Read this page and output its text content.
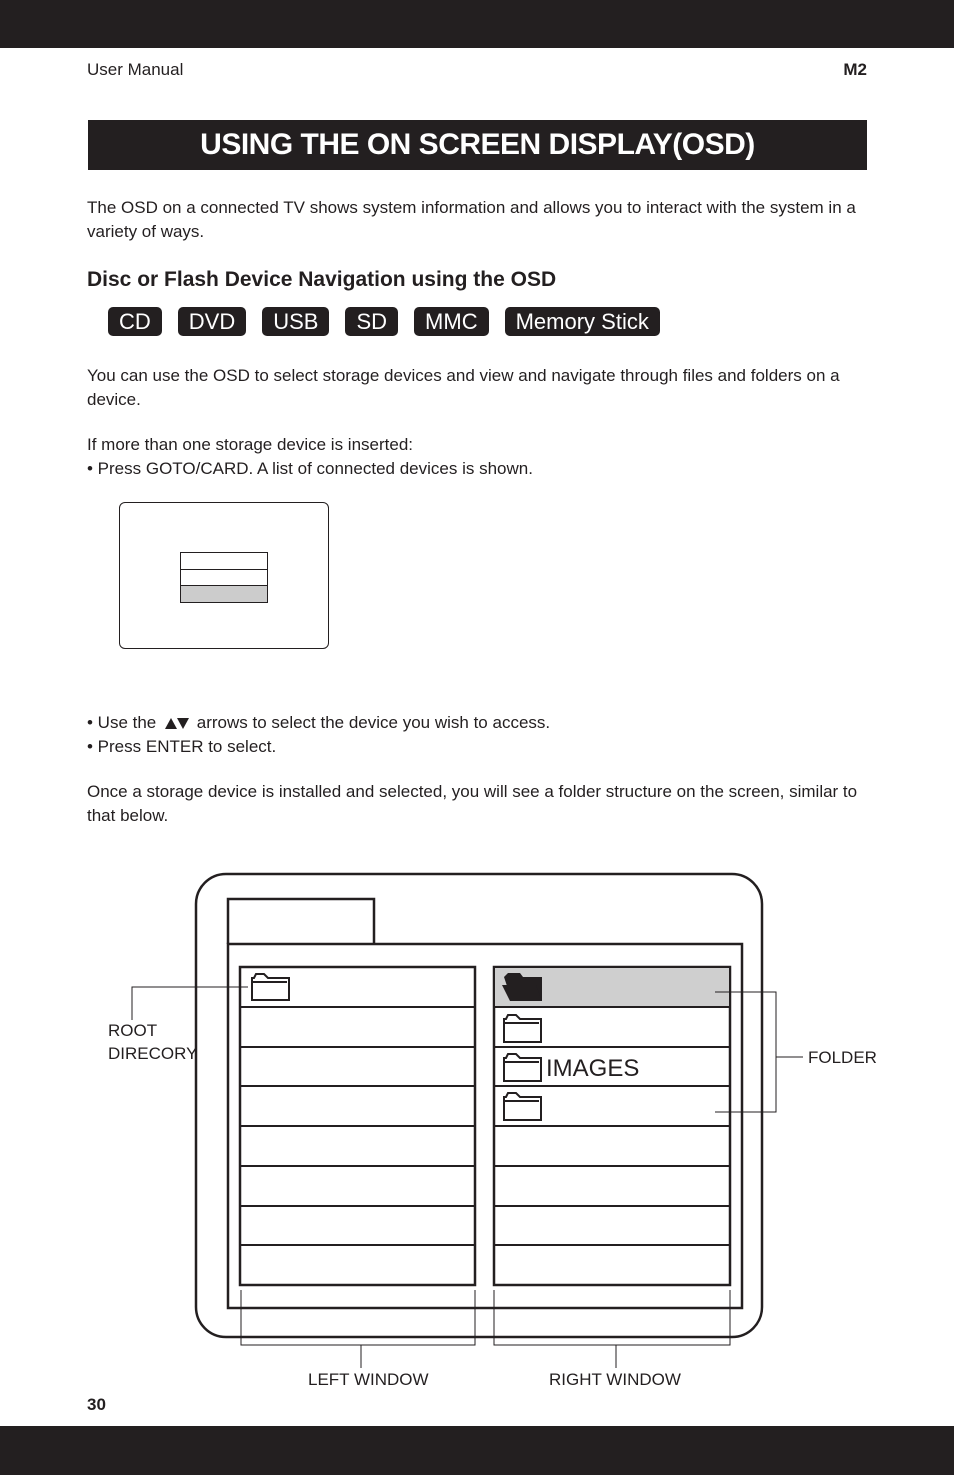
User Manual	M2
USING THE ON SCREEN DISPLAY(OSD)

The OSD on a connected TV shows system information and allows you to interact with the system in a variety of ways.

Disc or Flash Device Navigation using the OSD
CD	DVD	USB	SD	MMC	Memory Stick

You can use the OSD to select storage devices and view and navigate through files and folders on a device.

If more than one storage device is inserted:

• Press GOTO/CARD. A list of connected devices is shown.

• Use the arrows to select the device you wish to access.

• Press ENTER to select.

Once a storage device is installed and selected, you will see a folder structure on the screen, similar to that below.

IMAGES
ROOT
DIRECORY	FOLDER
LEFT WINDOW	RIGHT WINDOW
30
